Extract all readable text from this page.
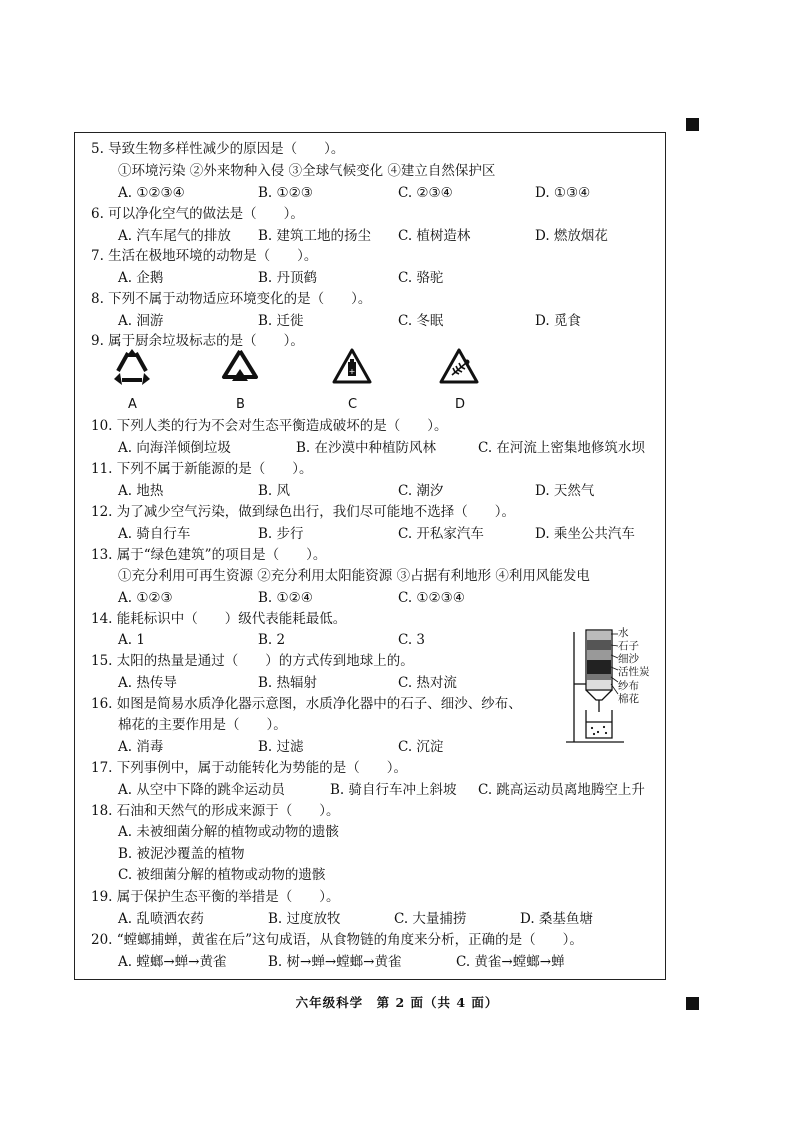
5. 导致生物多样性减少的原因是（　　）。
①环境污染 ②外来物种入侵 ③全球气候变化 ④建立自然保护区
A. ①②③④	B. ①②③	C. ②③④	D. ①③④
6. 可以净化空气的做法是（　　）。
A. 汽车尾气的排放 B. 建筑工地的扬尘 C. 植树造林	D. 燃放烟花
7. 生活在极地环境的动物是（　　）。
A. 企鹅	B. 丹顶鹤	C. 骆驼
8. 下列不属于动物适应环境变化的是（　　）。
A. 洄游	B. 迁徙	C. 冬眠	D. 觅食
9. 属于厨余垃圾标志的是（　　）。
+
A	B	C	D
10. 下列人类的行为不会对生态平衡造成破坏的是（　　）。
A. 向海洋倾倒垃圾	B. 在沙漠中种植防风林	C. 在河流上密集地修筑水坝
11. 下列不属于新能源的是（　　）。
A. 地热	B. 风	C. 潮汐	D. 天然气
12. 为了减少空气污染，做到绿色出行，我们尽可能地不选择（　　）。
A. 骑自行车	B. 步行	C. 开私家汽车	D. 乘坐公共汽车
13. 属于“绿色建筑”的项目是（　　）。
①充分利用可再生资源 ②充分利用太阳能资源 ③占据有利地形 ④利用风能发电
A. ①②③	B. ①②④	C. ①②③④
14. 能耗标识中（　　）级代表能耗最低。
A. 1	B. 2	C. 3
15. 太阳的热量是通过（　　）的方式传到地球上的。
A. 热传导	B. 热辐射	C. 热对流
16. 如图是简易水质净化器示意图，水质净化器中的石子、细沙、纱布、
棉花的主要作用是（　　）。
A. 消毒	B. 过滤	C. 沉淀
水
石子
细沙
活性炭
纱布
棉花
17. 下列事例中，属于动能转化为势能的是（　　）。
A. 从空中下降的跳伞运动员	B. 骑自行车冲上斜坡 C. 跳高运动员离地腾空上升
18. 石油和天然气的形成来源于（　　）。
A. 未被细菌分解的植物或动物的遗骸
B. 被泥沙覆盖的植物
C. 被细菌分解的植物或动物的遗骸
19. 属于保护生态平衡的举措是（　　）。
A. 乱喷洒农药	B. 过度放牧	C. 大量捕捞	D. 桑基鱼塘
20. “螳螂捕蝉，黄雀在后”这句成语，从食物链的角度来分析，正确的是（　　）。
A. 螳螂→蝉→黄雀	B. 树→蝉→螳螂→黄雀	C. 黄雀→螳螂→蝉
六年级科学　第 2 面（共 4 面）
